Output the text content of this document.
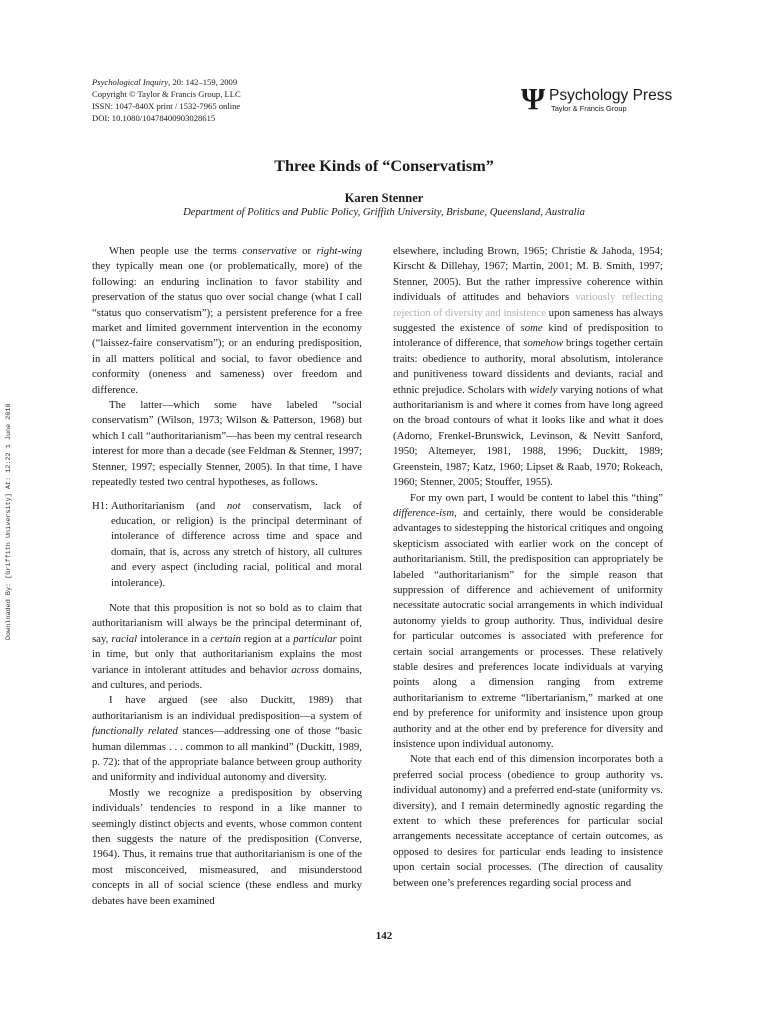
Psychological Inquiry, 20: 142–159, 2009
Copyright © Taylor & Francis Group, LLC
ISSN: 1047-840X print / 1532-7965 online
DOI: 10.1080/10478400903028615
Ψ Psychology Press
Taylor & Francis Group
Three Kinds of “Conservatism”
Karen Stenner
Department of Politics and Public Policy, Griffith University, Brisbane, Queensland, Australia
Downloaded By: [Griffith University] At: 12:22 1 June 2010

When people use the terms conservative or right-wing they typically mean one (or problematically, more) of the following: an enduring inclination to favor stability and preservation of the status quo over social change (what I call “status quo conservatism”); a persistent preference for a free market and limited government intervention in the economy (“laissez-faire conservatism”); or an enduring predisposition, in all matters political and social, to favor obedience and conformity (oneness and sameness) over freedom and difference.

The latter—which some have labeled “social conservatism” (Wilson, 1973; Wilson & Patterson, 1968) but which I call “authoritarianism”—has been my central research interest for more than a decade (see Feldman & Stenner, 1997; Stenner, 1997; especially Stenner, 2005). In that time, I have repeatedly tested two central hypotheses, as follows.

H1: Authoritarianism (and not conservatism, lack of education, or religion) is the principal determinant of intolerance of difference across time and space and domain, that is, across any stretch of history, all cultures and every aspect (including racial, political and moral intolerance).

Note that this proposition is not so bold as to claim that authoritarianism will always be the principal determinant of, say, racial intolerance in a certain region at a particular point in time, but only that authoritarianism explains the most variance in intolerant attitudes and behavior across domains, and cultures, and periods.

I have argued (see also Duckitt, 1989) that authoritarianism is an individual predisposition—a system of functionally related stances—addressing one of those “basic human dilemmas . . . common to all mankind” (Duckitt, 1989, p. 72): that of the appropriate balance between group authority and uniformity and individual autonomy and diversity.

Mostly we recognize a predisposition by observing individuals’ tendencies to respond in a like manner to seemingly distinct objects and events, whose common content then suggests the nature of the predisposition (Converse, 1964). Thus, it remains true that authoritarianism is one of the most misconceived, mismeasured, and misunderstood concepts in all of social science (these endless and murky debates have been examined

elsewhere, including Brown, 1965; Christie & Jahoda, 1954; Kirscht & Dillehay, 1967; Martin, 2001; M. B. Smith, 1997; Stenner, 2005). But the rather impressive coherence within individuals of attitudes and behaviors variously reflecting rejection of diversity and insistence upon sameness has always suggested the existence of some kind of predisposition to intolerance of difference, that somehow brings together certain traits: obedience to authority, moral absolutism, intolerance and punitiveness toward dissidents and deviants, racial and ethnic prejudice. Scholars with widely varying notions of what authoritarianism is and where it comes from have long agreed on the broad contours of what it looks like and what it does (Adorno, Frenkel-Brunswick, Levinson, & Nevitt Sanford, 1950; Altemeyer, 1981, 1988, 1996; Duckitt, 1989; Greenstein, 1987; Katz, 1960; Lipset & Raab, 1970; Rokeach, 1960; Stenner, 2005; Stouffer, 1955).

For my own part, I would be content to label this “thing” difference-ism, and certainly, there would be considerable advantages to sidestepping the historical critiques and ongoing skepticism associated with earlier work on the concept of authoritarianism. Still, the predisposition can appropriately be labeled “authoritarianism” for the simple reason that suppression of difference and achievement of uniformity necessitate autocratic social arrangements in which individual autonomy yields to group authority. Thus, individual desire for particular outcomes is associated with preference for certain social arrangements or processes. These relatively stable desires and preferences locate individuals at varying points along a dimension ranging from extreme authoritarianism to extreme “libertarianism,” marked at one end by preference for uniformity and insistence upon group authority and at the other end by preference for diversity and insistence upon individual autonomy.

Note that each end of this dimension incorporates both a preferred social process (obedience to group authority vs. individual autonomy) and a preferred end-state (uniformity vs. diversity), and I remain determinedly agnostic regarding the extent to which these preferences for particular social arrangements necessitate acceptance of certain outcomes, as opposed to desires for particular ends leading to insistence upon certain social processes. (The direction of causality between one’s preferences regarding social process and

142
